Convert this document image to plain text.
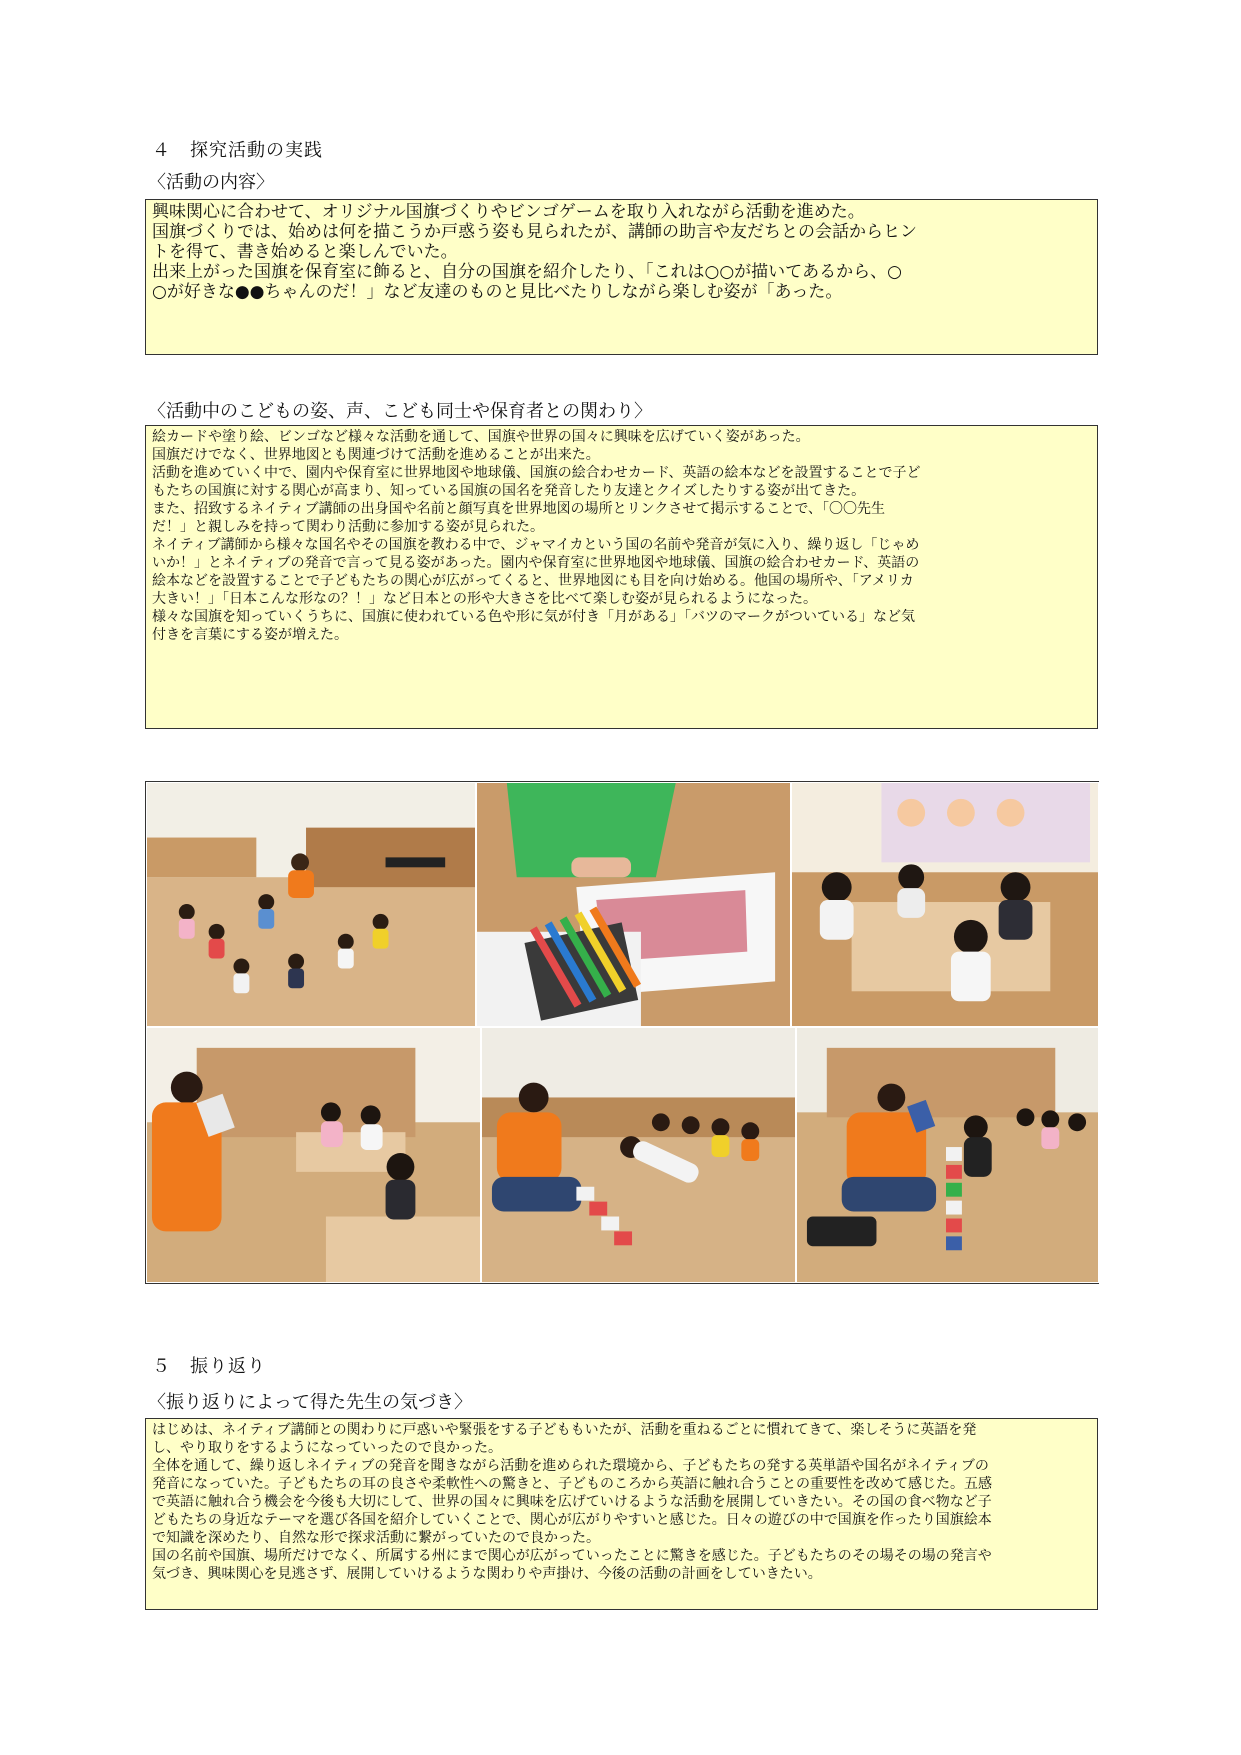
４　探究活動の実践
〈活動の内容〉

興味関心に合わせて、オリジナル国旗づくりやビンゴゲームを取り入れながら活動を進めた。

国旗づくりでは、始めは何を描こうか戸惑う姿も見られたが、講師の助言や友だちとの会話からヒン

トを得て、書き始めると楽しんでいた。

出来上がった国旗を保育室に飾ると、自分の国旗を紹介したり、「これは○○が描いてあるから、○

○が好きな●●ちゃんのだ！」など友達のものと見比べたりしながら楽しむ姿が「あった。

〈活動中のこどもの姿、声、こども同士や保育者との関わり〉

絵カードや塗り絵、ビンゴなど様々な活動を通して、国旗や世界の国々に興味を広げていく姿があった。

国旗だけでなく、世界地図とも関連づけて活動を進めることが出来た。

活動を進めていく中で、園内や保育室に世界地図や地球儀、国旗の絵合わせカード、英語の絵本などを設置することで子ど

もたちの国旗に対する関心が高まり、知っている国旗の国名を発音したり友達とクイズしたりする姿が出てきた。

また、招致するネイティブ講師の出身国や名前と顔写真を世界地図の場所とリンクさせて掲示することで、「〇〇先生

だ！」と親しみを持って関わり活動に参加する姿が見られた。

ネイティブ講師から様々な国名やその国旗を教わる中で、ジャマイカという国の名前や発音が気に入り、繰り返し「じゃめ

いか！」とネイティブの発音で言って見る姿があった。園内や保育室に世界地図や地球儀、国旗の絵合わせカード、英語の

絵本などを設置することで子どもたちの関心が広がってくると、世界地図にも目を向け始める。他国の場所や、「アメリカ

大きい！」「日本こんな形なの？！」など日本との形や大きさを比べて楽しむ姿が見られるようになった。

様々な国旗を知っていくうちに、国旗に使われている色や形に気が付き「月がある」「バツのマークがついている」など気

付きを言葉にする姿が増えた。

５　振り返り
〈振り返りによって得た先生の気づき〉

はじめは、ネイティブ講師との関わりに戸惑いや緊張をする子どももいたが、活動を重ねるごとに慣れてきて、楽しそうに英語を発

し、やり取りをするようになっていったので良かった。

全体を通して、繰り返しネイティブの発音を聞きながら活動を進められた環境から、子どもたちの発する英単語や国名がネイティブの

発音になっていた。子どもたちの耳の良さや柔軟性への驚きと、子どものころから英語に触れ合うことの重要性を改めて感じた。五感

で英語に触れ合う機会を今後も大切にして、世界の国々に興味を広げていけるような活動を展開していきたい。その国の食べ物など子

どもたちの身近なテーマを選び各国を紹介していくことで、関心が広がりやすいと感じた。日々の遊びの中で国旗を作ったり国旗絵本

で知識を深めたり、自然な形で探求活動に繋がっていたので良かった。

国の名前や国旗、場所だけでなく、所属する州にまで関心が広がっていったことに驚きを感じた。子どもたちのその場その場の発言や

気づき、興味関心を見逃さず、展開していけるような関わりや声掛け、今後の活動の計画をしていきたい。
